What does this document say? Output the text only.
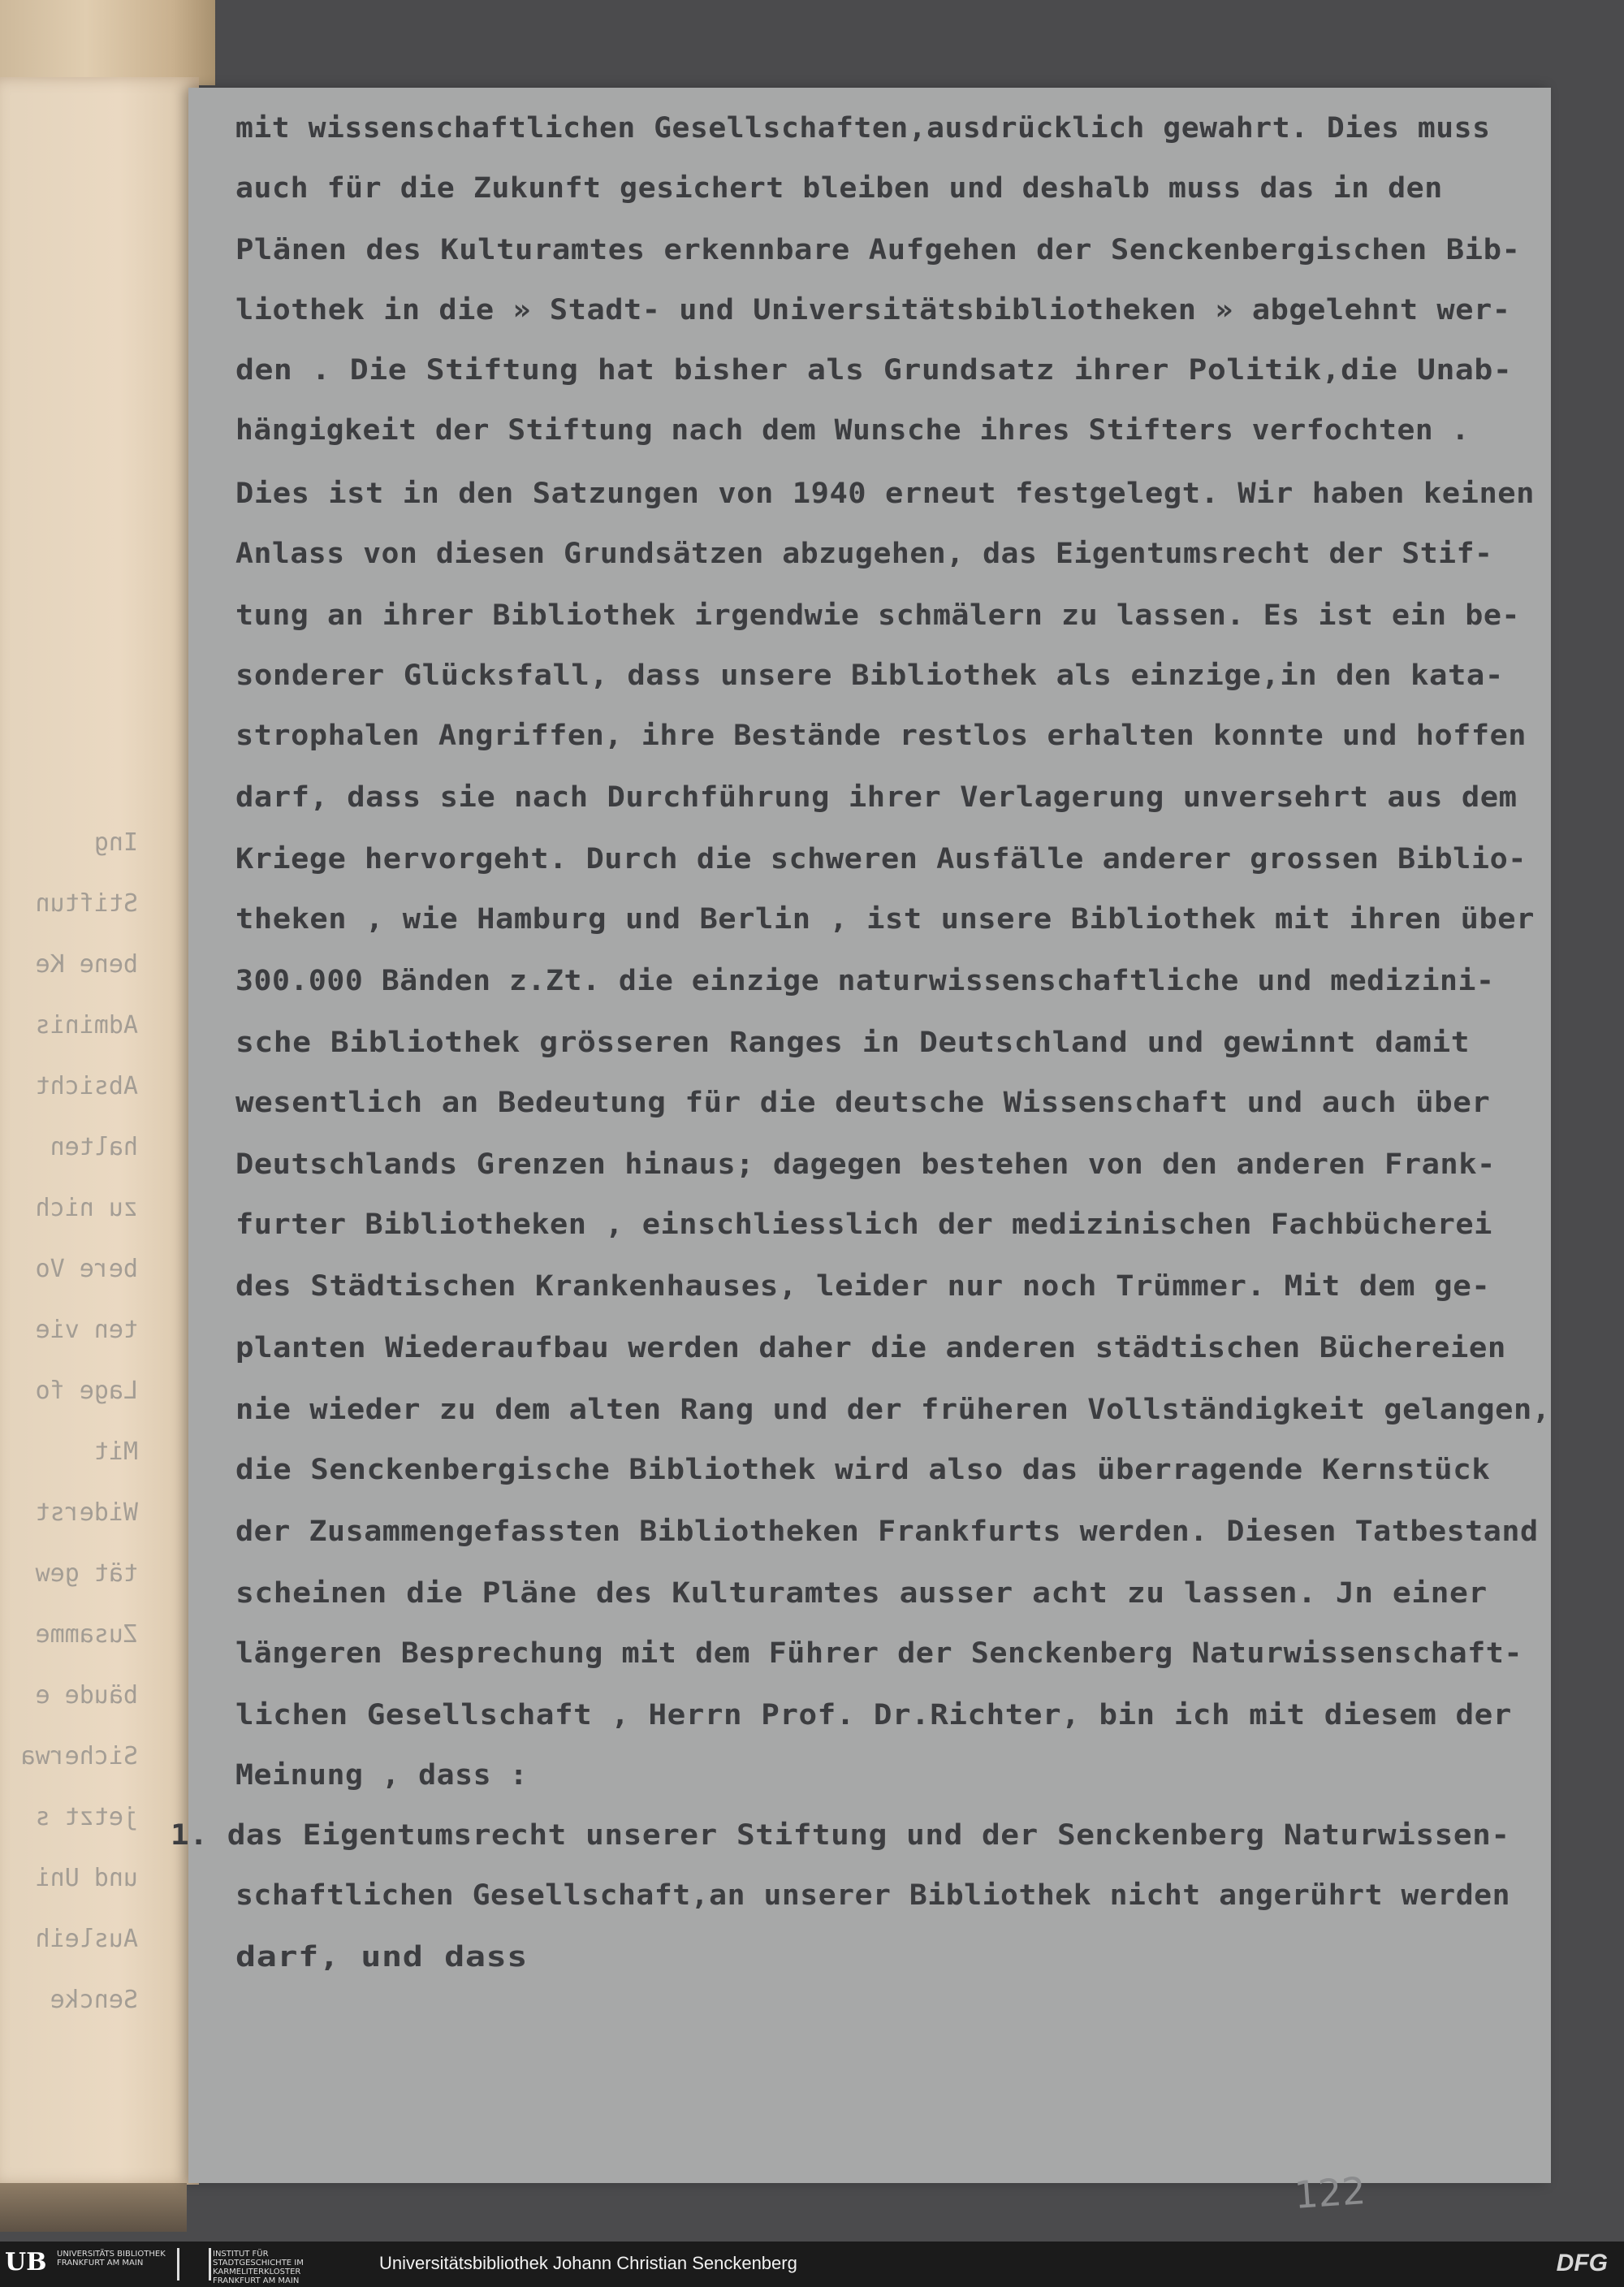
Ing
Stiftun
bene Ke
Adminis
Absicht
halten
zu nich
bere Vo
ten vie
Lage fo
Mit
Widerst
tät gew
Zusamme
bäude e
Sicherwa
jetzt s
und Uni
Ausleih
Sencke
mit wissenschaftlichen Gesellschaften,ausdrücklich gewahrt. Dies muss
auch für die Zukunft gesichert bleiben und deshalb muss das in den
Plänen des Kulturamtes erkennbare Aufgehen der Senckenbergischen Bib-
liothek in die » Stadt- und Universitätsbibliotheken » abgelehnt wer-
den . Die Stiftung hat bisher als Grundsatz ihrer Politik,die Unab-
hängigkeit der Stiftung nach dem Wunsche ihres Stifters verfochten .
Dies ist in den Satzungen von 1940 erneut festgelegt. Wir haben keinen
Anlass von diesen Grundsätzen abzugehen, das Eigentumsrecht der Stif-
tung an ihrer Bibliothek irgendwie schmälern zu lassen. Es ist ein be-
sonderer Glücksfall, dass unsere Bibliothek als einzige,in den kata-
strophalen Angriffen, ihre Bestände restlos erhalten konnte und hoffen
darf, dass sie nach Durchführung ihrer Verlagerung unversehrt aus dem
Kriege hervorgeht. Durch die schweren Ausfälle anderer grossen Biblio-
theken , wie Hamburg und Berlin , ist unsere Bibliothek mit ihren über
300.000 Bänden z.Zt. die einzige naturwissenschaftliche und medizini-
sche Bibliothek grösseren Ranges in Deutschland und gewinnt damit
wesentlich an Bedeutung für die deutsche Wissenschaft und auch über
Deutschlands Grenzen hinaus; dagegen bestehen von den anderen Frank-
furter Bibliotheken , einschliesslich der medizinischen Fachbücherei
des Städtischen Krankenhauses, leider nur noch Trümmer. Mit dem ge-
planten Wiederaufbau werden daher die anderen städtischen Büchereien
nie wieder zu dem alten Rang und der früheren Vollständigkeit gelangen,
die Senckenbergische Bibliothek wird also das überragende Kernstück
der Zusammengefassten Bibliotheken Frankfurts werden. Diesen Tatbestand
scheinen die Pläne des Kulturamtes ausser acht zu lassen. Jn einer
längeren Besprechung mit dem Führer der Senckenberg Naturwissenschaft-
lichen Gesellschaft , Herrn Prof. Dr.Richter, bin ich mit diesem der
Meinung , dass :
1. das Eigentumsrecht unserer Stiftung und der Senckenberg Naturwissen-
schaftlichen Gesellschaft,an unserer Bibliothek nicht angerührt werden
darf, und dass
122
UB UNIVERSITÄTS BIBLIOTHEK FRANKFURT AM MAIN
INSTITUT FÜR STADTGESCHICHTE IM KARMELITERKLOSTER FRANKFURT AM MAIN
Universitätsbibliothek Johann Christian Senckenberg	DFG
